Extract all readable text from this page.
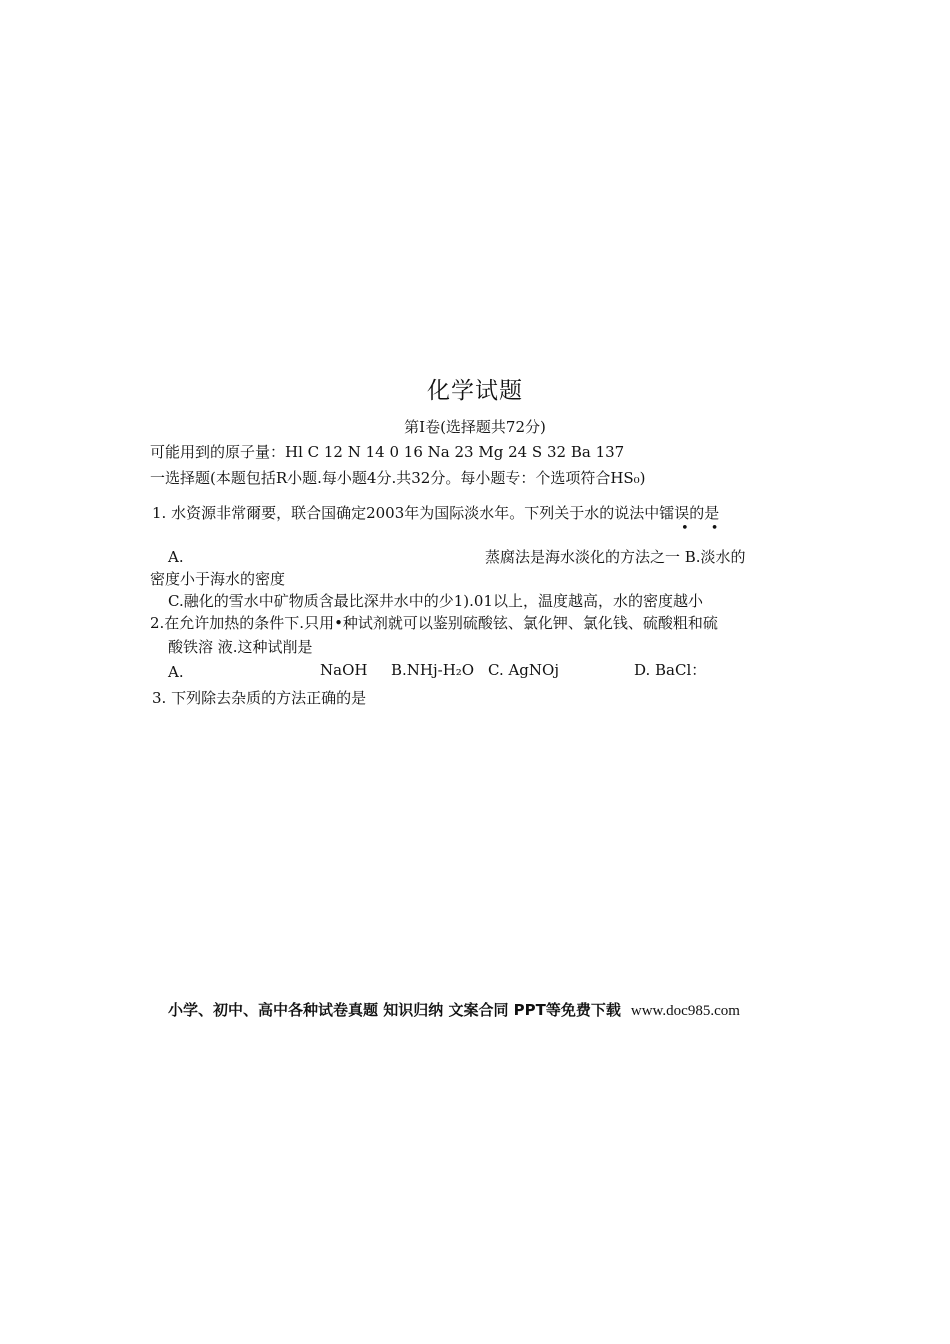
化学试题
第I卷(选择题共72分)
可能用到的原子量：Hl C 12 N 14 0 16 Na 23 Mg 24 S 32 Ba 137
一选择题(本题包括R小题.每小题4分.共32分。每小题专：个选项符合HS₀)
1. 水资源非常爾要，联合国确定2003年为国际淡水年。下列关于水的说法中镭误的是
• •
A.	蒸腐法是海水淡化的方法之一 B.淡水的
密度小于海水的密度
C.融化的雪水中矿物质含最比深井水中的少1).01以上，温度越高，水的密度越小
2.在允许加热的条件下.只用•种试剂就可以鉴别硫酸铉、氯化钾、氯化钱、硫酸粗和硫
酸铁溶 液.这种试削是
A.	NaOH B.NHj-H₂O C. AgNOj	D. BaCl：
3. 下列除去杂质的方法正确的是
小学、初中、高中各种试卷真题 知识归纳 文案合同 PPT等免费下载 www.doc985.com
